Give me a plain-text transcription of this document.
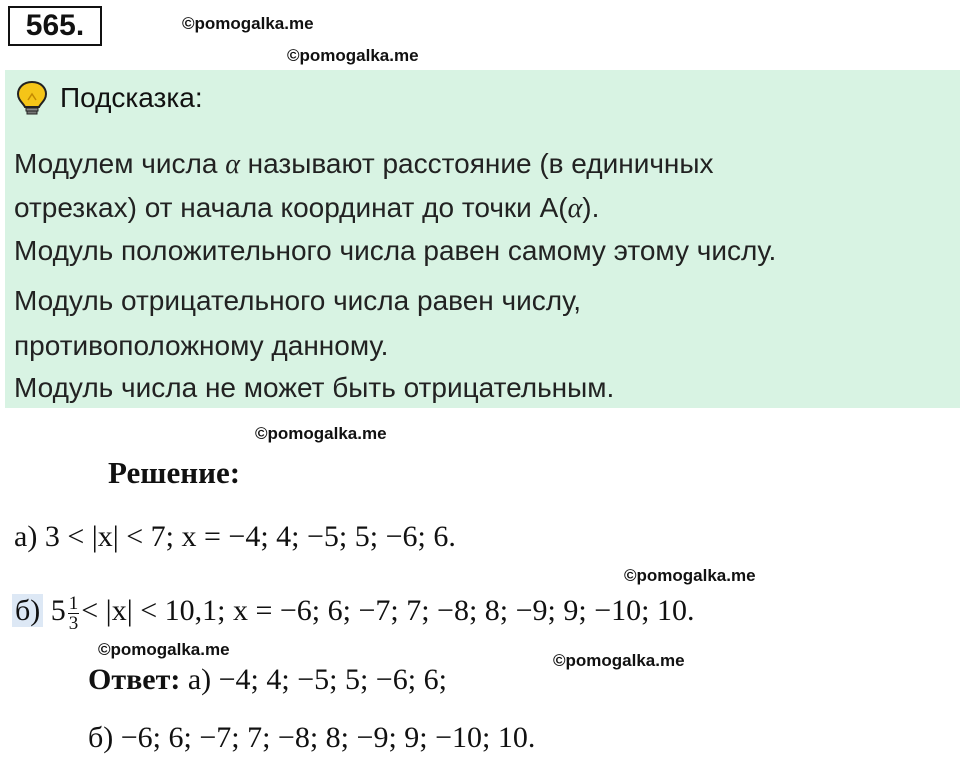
565.	©pomogalka.me
©pomogalka.me
Подсказка:
Модулем числа α называют расстояние (в единичных
отрезках) от начала координат до точки А(α).
Модуль положительного числа равен самому этому числу.
Модуль отрицательного числа равен числу,
противоположному данному.
Модуль числа не может быть отрицательным.
©pomogalka.me
Решение:
а) 3 < |x| < 7; x = −4; 4; −5; 5; −6; 6.
©pomogalka.me
б) $5 \frac{1}{3} < |x| < 10,1$; x = −6; 6; −7; 7; −8; 8; −9; 9; −10; 10.
©pomogalka.me
©pomogalka.me
Ответ: а) −4; 4; −5; 5; −6; 6;
б) −6; 6; −7; 7; −8; 8; −9; 9; −10; 10.
